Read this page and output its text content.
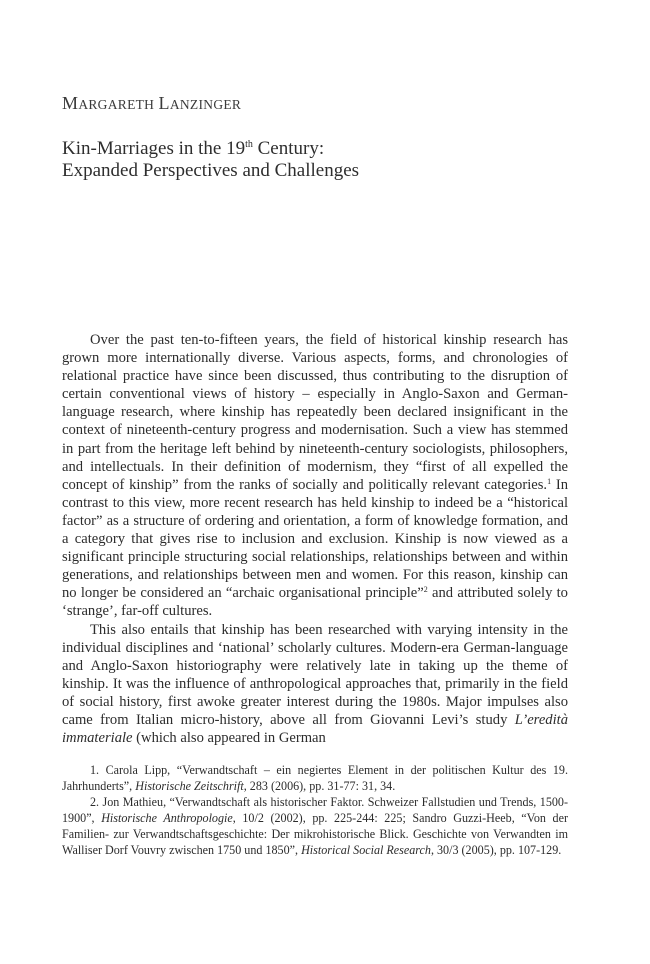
MARGARETH LANZINGER
Kin-Marriages in the 19th Century:
Expanded Perspectives and Challenges

Over the past ten-to-fifteen years, the field of historical kinship research has grown more internationally diverse. Various aspects, forms, and chronologies of relational practice have since been discussed, thus contributing to the disruption of certain conventional views of history – especially in Anglo-Saxon and German-language research, where kinship has repeatedly been declared insignificant in the context of nineteenth-century progress and modernisation. Such a view has stemmed in part from the heritage left behind by nineteenth-century sociologists, philosophers, and intellectuals. In their definition of modernism, they “first of all expelled the concept of kinship” from the ranks of socially and politically relevant categories.$^1$ In contrast to this view, more recent research has held kinship to indeed be a “historical factor” as a structure of ordering and orientation, a form of knowledge formation, and a category that gives rise to inclusion and exclusion. Kinship is now viewed as a significant principle structuring social relationships, relationships between and within generations, and relationships between men and women. For this reason, kinship can no longer be considered an “archaic organisational principle”$^2$ and attributed solely to ‘strange’, far-off cultures.

This also entails that kinship has been researched with varying intensity in the individual disciplines and ‘national’ scholarly cultures. Modern-era German-language and Anglo-Saxon historiography were relatively late in taking up the theme of kinship. It was the influence of anthropological approaches that, primarily in the field of social history, first awoke greater interest during the 1980s. Major impulses also came from Italian micro-history, above all from Giovanni Levi’s study L’eredità immateriale (which also appeared in German

1. Carola Lipp, “Verwandtschaft – ein negiertes Element in der politischen Kultur des 19. Jahrhunderts”, Historische Zeitschrift, 283 (2006), pp. 31-77: 31, 34.

2. Jon Mathieu, “Verwandtschaft als historischer Faktor. Schweizer Fallstudien und Trends, 1500-1900”, Historische Anthropologie, 10/2 (2002), pp. 225-244: 225; Sandro Guzzi-Heeb, “Von der Familien- zur Verwandtschaftsgeschichte: Der mikrohistorische Blick. Geschichte von Verwandten im Walliser Dorf Vouvry zwischen 1750 und 1850”, Historical Social Research, 30/3 (2005), pp. 107-129.
